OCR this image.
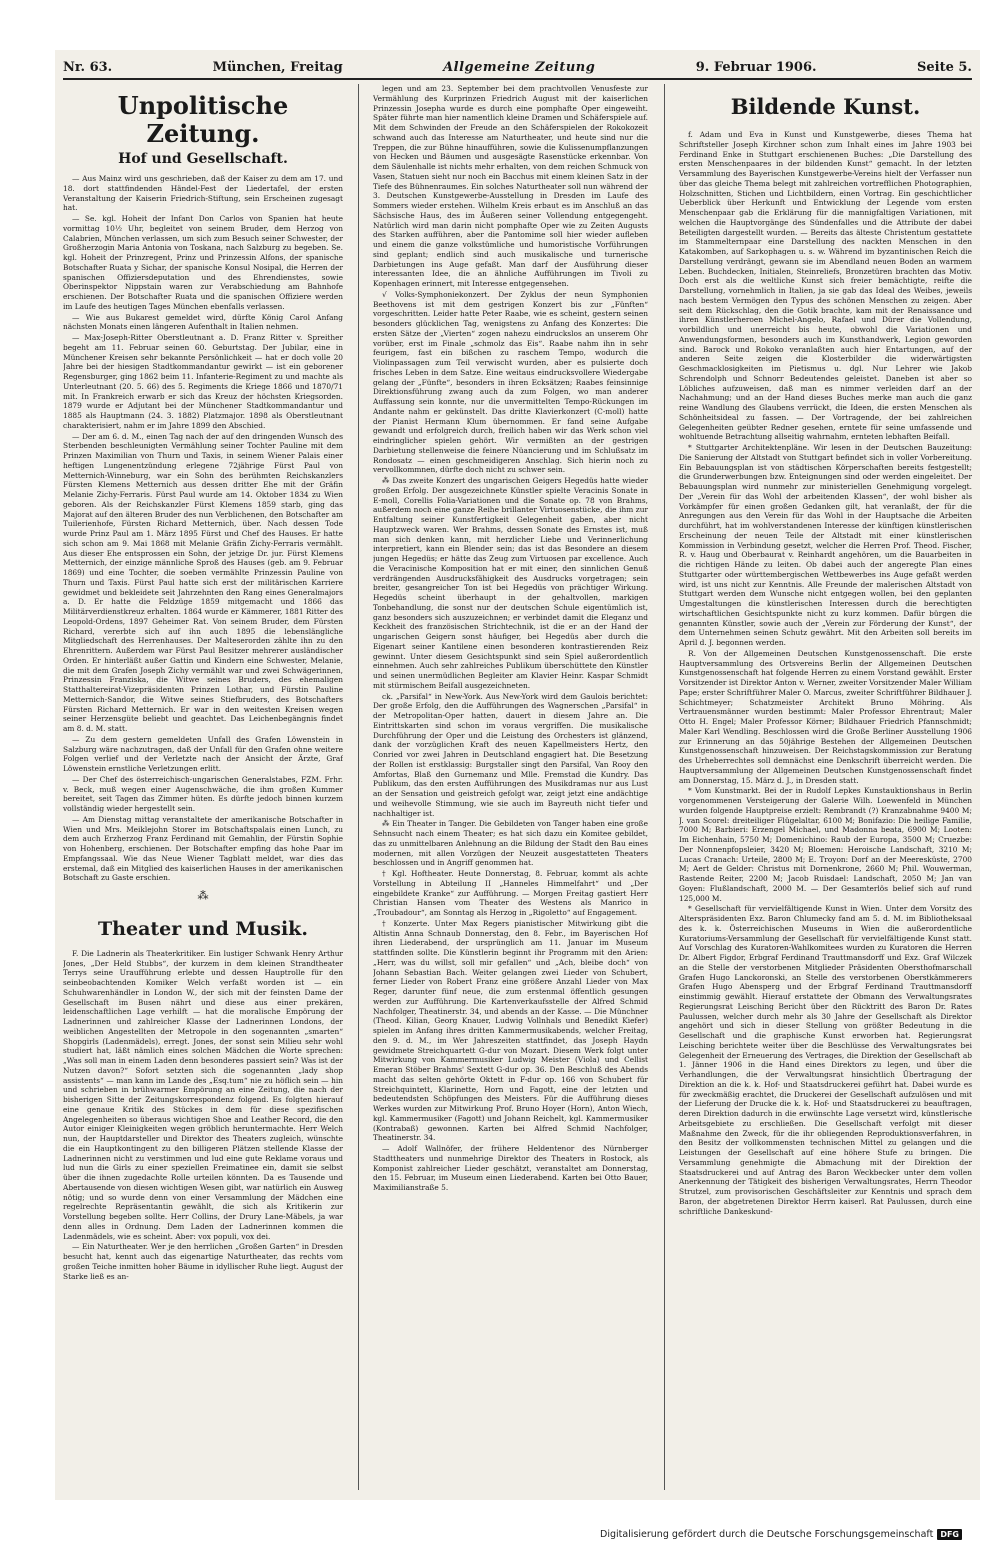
Nr. 63.	München, Freitag	Allgemeine Zeitung	9. Februar 1906.	Seite 5.
Unpolitische Zeitung.
Hof und Gesellschaft.

— Aus Mainz wird uns geschrieben, daß der Kaiser zu dem am 17. und 18. dort stattfindenden Händel-Fest der Liedertafel, der ersten Veranstaltung der Kaiserin Friedrich-Stiftung, sein Erscheinen zugesagt hat.

— Se. kgl. Hoheit der Infant Don Carlos von Spanien hat heute vormittag 10½ Uhr, begleitet von seinem Bruder, dem Herzog von Calabrien, München verlassen, um sich zum Besuch seiner Schwester, der Großherzogin Maria Antonia von Toskana, nach Salzburg zu begeben. Se. kgl. Hoheit der Prinzregent, Prinz und Prinzessin Alfons, der spanische Botschafter Ruata y Sichar, der spanische Konsul Nosipal, die Herren der spanischen Offiziersdeputation und des Ehrendienstes, sowie Oberinspektor Nippstain waren zur Verabschiedung am Bahnhofe erschienen. Der Botschafter Ruata und die spanischen Offiziere werden im Laufe des heutigen Tages München ebenfalls verlassen.

— Wie aus Bukarest gemeldet wird, dürfte König Carol Anfang nächsten Monats einen längeren Aufenthalt in Italien nehmen.

— Max-Joseph-Ritter Oberstleutnant a. D. Franz Ritter v. Spreither begeht am 11. Februar seinen 60. Geburtstag. Der Jubilar, eine in Münchener Kreisen sehr bekannte Persönlichkeit — hat er doch volle 20 Jahre bei der hiesigen Stadtkommandantur gewirkt — ist ein geborener Regensburger, ging 1862 beim 11. Infanterie-Regiment zu und machte als Unterleutnant (20. 5. 66) des 5. Regiments die Kriege 1866 und 1870/71 mit. In Frankreich erwarb er sich das Kreuz der höchsten Kriegsorden. 1879 wurde er Adjutant bei der Münchener Stadtkommandantur und 1885 als Hauptmann (24. 3. 1882) Platzmajor. 1898 als Oberstleutnant charakterisiert, nahm er im Jahre 1899 den Abschied.

— Der am 6. d. M., einen Tag nach der auf den dringenden Wunsch des Sterbenden beschleunigten Vermählung seiner Tochter Pauline mit dem Prinzen Maximilian von Thurn und Taxis, in seinem Wiener Palais einer heftigen Lungenentzündung erlegene 72jährige Fürst Paul von Metternich-Winneburg, war ein Sohn des berühmten Reichskanzlers Fürsten Klemens Metternich aus dessen dritter Ehe mit der Gräfin Melanie Zichy-Ferraris. Fürst Paul wurde am 14. Oktober 1834 zu Wien geboren. Als der Reichskanzler Fürst Klemens 1859 starb, ging das Majorat auf den älteren Bruder des nun Verblichenen, den Botschafter am Tuilerienhofe, Fürsten Richard Metternich, über. Nach dessen Tode wurde Prinz Paul am 1. März 1895 Fürst und Chef des Hauses. Er hatte sich schon am 9. Mai 1868 mit Melanie Gräfin Zichy-Ferraris vermählt. Aus dieser Ehe entsprossen ein Sohn, der jetzige Dr. jur. Fürst Klemens Metternich, der einzige männliche Sproß des Hauses (geb. am 9. Februar 1869) und eine Tochter, die soeben vermählte Prinzessin Pauline von Thurn und Taxis. Fürst Paul hatte sich erst der militärischen Karriere gewidmet und bekleidete seit Jahrzehnten den Rang eines Generalmajors a. D. Er hatte die Feldzüge 1859 mitgemacht und 1866 das Militärverdienstkreuz erhalten. 1864 wurde er Kämmerer, 1881 Ritter des Leopold-Ordens, 1897 Geheimer Rat. Von seinem Bruder, dem Fürsten Richard, vererbte sich auf ihn auch 1895 die lebenslängliche Mitgliedschaft des Herrenhauses. Der Malteserorden zählte ihn zu den Ehrenrittern. Außerdem war Fürst Paul Besitzer mehrerer ausländischer Orden. Er hinterläßt außer Gattin und Kindern eine Schwester, Melanie, die mit dem Grafen Joseph Zichy vermählt war und zwei Schwägerinnen, Prinzessin Franziska, die Witwe seines Bruders, des ehemaligen Statthaltereirat-Vizepräsidenten Prinzen Lothar, und Fürstin Pauline Metternich-Sandor, die Witwe seines Stiefbruders, des Botschafters Fürsten Richard Metternich. Er war in den weitesten Kreisen wegen seiner Herzensgüte beliebt und geachtet. Das Leichenbegängnis findet am 8. d. M. statt.

— Zu dem gestern gemeldeten Unfall des Grafen Löwenstein in Salzburg wäre nachzutragen, daß der Unfall für den Grafen ohne weitere Folgen verlief und der Verletzte nach der Ansicht der Ärzte, Graf Löwenstein ernstliche Verletzungen erlitt.

— Der Chef des österreichisch-ungarischen Generalstabes, FZM. Frhr. v. Beck, muß wegen einer Augenschwäche, die ihm großen Kummer bereitet, seit Tagen das Zimmer hüten. Es dürfte jedoch binnen kurzem vollständig wieder hergestellt sein.

— Am Dienstag mittag veranstaltete der amerikanische Botschafter in Wien und Mrs. Meiklejohn Storer im Botschaftspalais einen Lunch, zu dem auch Erzherzog Franz Ferdinand mit Gemahlin, der Fürstin Sophie von Hohenberg, erschienen. Der Botschafter empfing das hohe Paar im Empfangssaal. Wie das Neue Wiener Tagblatt meldet, war dies das erstemal, daß ein Mitglied des kaiserlichen Hauses in der amerikanischen Botschaft zu Gaste erschien.

⁂
Theater und Musik.

F. Die Ladnerin als Theaterkritiker. Ein lustiger Schwank Henry Arthur Jones, „Der Held Stubbs“, der kurzem in dem kleinen Strandtheater Terrys seine Uraufführung erlebte und dessen Hauptrolle für den seinbeobachtenden Komiker Welch verfaßt worden ist — ein Schuhwarenhändler in London W., der sich mit der feinsten Dame der Gesellschaft im Busen nährt und diese aus einer prekären, leidenschaftlichen Lage verhilft — hat die moralische Empörung der Ladnerinnen und zahlreicher Klasse der Ladnerinnen Londons, der weiblichen Angestellten der Metropole in den sogenannten „smarten“ Shopgirls (Ladenmädels), erregt. Jones, der sonst sein Milieu sehr wohl studiert hat, läßt nämlich eines solchen Mädchen die Worte sprechen: „Was soll man in einem Laden denn besonderes passiert sein? Was ist der Nutzen davon?“ Sofort setzten sich die sogenannten „lady shop assistents“ — man kann im Lande des „Esq.tum“ nie zu höflich sein — hin und schrieben in brühwarmer Empörung an eine Zeitung, die nach der bisherigen Sitte der Zeitungskorrespondenz folgend. Es folgten hierauf eine genaue Kritik des Stückes in dem für diese spezifischen Angelegenheiten so überaus wichtigen Shoe and Leather Record, die den Autor einiger Kleinigkeiten wegen gröblich heruntermachte. Herr Welch nun, der Hauptdarsteller und Direktor des Theaters zugleich, wünschte die ein Hauptkontingent zu den billigeren Plätzen stellende Klasse der Ladnerinnen nicht zu verstimmen und lud eine gute Reklame voraus und lud nun die Girls zu einer speziellen Freimatinee ein, damit sie selbst über die ihnen zugedachte Rolle urteilen könnten. Da es Tausende und Abertausende von diesen wichtigen Wesen gibt, war natürlich ein Ausweg nötig; und so wurde denn von einer Versammlung der Mädchen eine regelrechte Repräsentantin gewählt, die sich als Kritikerin zur Vorstellung begeben sollte. Herr Collins, der Drury Lane-Mäbels, ja war denn alles in Ordnung. Dem Laden der Ladnerinnen kommen die Ladenmädels, wie es scheint. Aber: vox populi, vox dei.

— Ein Naturtheater. Wer je den herrlichen „Großen Garten“ in Dresden besucht hat, kennt auch das eigenartige Naturtheater, das rechts vom großen Teiche inmitten hoher Bäume in idyllischer Ruhe liegt. August der Starke ließ es an-

legen und am 23. September bei dem prachtvollen Venusfeste zur Vermählung des Kurprinzen Friedrich August mit der kaiserlichen Prinzessin Josepha wurde es durch eine pomphafte Oper eingeweiht. Später führte man hier namentlich kleine Dramen und Schäferspiele auf. Mit dem Schwinden der Freude an den Schäferspielen der Rokokozeit schwand auch das Interesse am Naturtheater, und heute sind nur die Treppen, die zur Bühne hinaufführen, sowie die Kulissenumpflanzungen von Hecken und Bäumen und ausgesägte Rasenstücke erkennbar. Von dem Säulenhalle ist nichts mehr erhalten, von dem reichen Schmuck von Vasen, Statuen sieht nur noch ein Bacchus mit einem kleinen Satz in der Tiefe des Bühnenraumes. Ein solches Naturtheater soll nun während der 3. Deutschen Kunstgewerbe-Ausstellung in Dresden im Laufe des Sommers wieder erstehen. Wilhelm Kreis erbaut es im Anschluß an das Sächsische Haus, des im Äußeren seiner Vollendung entgegengeht. Natürlich wird man darin nicht pomphafte Oper wie zu Zeiten Augusts des Starken aufführen, aber die Pantomime soll hier wieder aufleben und einem die ganze volkstümliche und humoristische Vorführungen sind geplant; endlich sind auch musikalische und turnerische Darbietungen ins Auge gefaßt. Man darf der Ausführung dieser interessanten Idee, die an ähnliche Aufführungen im Tivoli zu Kopenhagen erinnert, mit Interesse entgegensehen.

√ Volks-Symphoniekonzert. Der Zyklus der neun Symphonien Beethovens ist mit dem gestrigen Konzert bis zur „Fünften“ vorgeschritten. Leider hatte Peter Raabe, wie es scheint, gestern seinen besonders glücklichen Tag, wenigstens zu Anfang des Konzertes: Die ersten Sätze der „Vierten“ zogen nahezu eindruckslos an unserem Ohr vorüber, erst im Finale „schmolz das Eis“. Raabe nahm ihn in sehr feurigem, fast ein bißchen zu raschem Tempo, wodurch die Violinpassagen zum Teil verwischt wurden, aber es pulsierte doch frisches Leben in dem Satze. Eine weitaus eindrucksvollere Wiedergabe gelang der „Fünfte“, besonders in ihren Ecksätzen; Raabes feinsinnige Direktionsführung zwang auch da zum Folgen, wo man anderer Auffassung sein konnte, nur die unvermittelten Tempo-Rückungen im Andante nahm er gekünstelt. Das dritte Klavierkonzert (C-moll) hatte der Pianist Hermann Klum übernommen. Er fand seine Aufgabe gewandt und erfolgreich durch, freilich haben wir das Werk schon viel eindringlicher spielen gehört. Wir vermißten an der gestrigen Darbietung stellenweise die feinere Nüancierung und im Schlußsatz im Rondosatz — einen geschmeidigeren Anschlag. Sich hierin noch zu vervollkommnen, dürfte doch nicht zu schwer sein.

⁂ Das zweite Konzert des ungarischen Geigers Hegedüs hatte wieder großen Erfolg. Der ausgezeichnete Künstler spielte Veracinis Sonate in E-moll, Corellis Folia-Variationen und die Sonate op. 78 von Brahms, außerdem noch eine ganze Reihe brillanter Virtuosenstücke, die ihm zur Entfaltung seiner Kunstfertigkeit Gelegenheit gaben, aber nicht Hauptzweck waren. Wer Brahms, dessen Sonate des Ernstes ist, muß man sich denken kann, mit herzlicher Liebe und Verinnerlichung interpretiert, kann ein Blender sein; das ist das Besondere an diesem jungen Hegedüs; er hätte das Zeug zum Virtuosen par excellence. Auch die Veracinische Komposition hat er mit einer, den sinnlichen Genuß verdrängenden Ausdrucksfähigkeit des Ausdrucks vorgetragen; sein breiter, gesangreicher Ton ist bei Hegedüs von prächtiger Wirkung. Hegedüs scheint überhaupt in der gehaltvollen, markigen Tonbehandlung, die sonst nur der deutschen Schule eigentümlich ist, ganz besonders sich auszuzeichnen; er verbindet damit die Eleganz und Keckheit des französischen Strichtechnik, ist die er an der Hand der ungarischen Geigern sonst häufiger, bei Hegedüs aber durch die Eigenart seiner Kantilene einen besonderen kontrastierenden Reiz gewinnt. Unter diesem Gesichtspunkt sind sein Spiel außerordentlich einnehmen. Auch sehr zahlreiches Publikum überschüttete den Künstler und seinen unermüdlichen Begleiter am Klavier Heinr. Kaspar Schmidt mit stürmischem Beifall ausgezeichneten.

ck. „Parsifal“ in New-York. Aus New-York wird dem Gaulois berichtet: Der große Erfolg, den die Aufführungen des Wagnerschen „Parsifal“ in der Metropolitan-Oper hatten, dauert in diesem Jahre an. Die Eintrittskarten sind schon im voraus vergriffen. Die musikalische Durchführung der Oper und die Leistung des Orchesters ist glänzend, dank der vorzüglichen Kraft des neuen Kapellmeisters Hertz, den Conried vor zwei Jahren in Deutschland engagiert hat. Die Besetzung der Rollen ist erstklassig: Burgstaller singt den Parsifal, Van Rooy den Amfortas, Blaß den Gurnemanz und Mlle. Fremstad die Kundry. Das Publikum, das den ersten Aufführungen des Musikdramas nur aus Lust an der Sensation und geistreich gefolgt war, zeigt jetzt eine andächtige und weihevolle Stimmung, wie sie auch im Bayreuth nicht tiefer und nachhaltiger ist.

⁂ Ein Theater in Tanger. Die Gebildeten von Tanger haben eine große Sehnsucht nach einem Theater; es hat sich dazu ein Komitee gebildet, das zu unmittelbaren Anlehnung an die Bildung der Stadt den Bau eines modernen, mit allen Vorzügen der Neuzeit ausgestatteten Theaters beschlossen und in Angriff genommen hat.

† Kgl. Hoftheater. Heute Donnerstag, 8. Februar, kommt als achte Vorstellung in Abteilung II „Hanneles Himmelfahrt“ und „Der eingebildete Kranke“ zur Aufführung. — Morgen Freitag gastiert Herr Christian Hansen vom Theater des Westens als Manrico in „Troubadour“, am Sonntag als Herzog in „Rigoletto“ auf Engagement.

† Konzerte. Unter Max Regers pianistischer Mitwirkung gibt die Altistin Anna Schnaub Donnerstag, den 8. Febr., im Bayerischen Hof ihren Liederabend, der ursprünglich am 11. Januar im Museum stattfinden sollte. Die Künstlerin beginnt ihr Programm mit den Arien: „Herr, was du willst, soll mir gefallen“ und „Ach, bleibe doch“ von Johann Sebastian Bach. Weiter gelangen zwei Lieder von Schubert, ferner Lieder von Robert Franz eine größere Anzahl Lieder von Max Reger, darunter fünf neue, die zum erstenmal öffentlich gesungen werden zur Aufführung. Die Kartenverkaufsstelle der Alfred Schmid Nachfolger, Theatinerstr. 34, und abends an der Kasse. — Die Münchner (Theod. Kilian, Georg Knauer, Ludwig Vollnhals und Benedikt Kiefer) spielen im Anfang ihres dritten Kammermusikabends, welcher Freitag, den 9. d. M., im Wer Jahreszeiten stattfindet, das Joseph Haydn gewidmete Streichquartett G-dur von Mozart. Diesem Werk folgt unter Mitwirkung von Kammermusiker Ludwig Meister (Viola) und Cellist Emeran Stöber Brahms' Sextett G-dur op. 36. Den Beschluß des Abends macht das selten gehörte Oktett in F-dur op. 166 von Schubert für Streichquintett, Klarinette, Horn und Fagott, eine der letzten und bedeutendsten Schöpfungen des Meisters. Für die Aufführung dieses Werkes wurden zur Mitwirkung Prof. Bruno Hoyer (Horn), Anton Wiech, kgl. Kammermusiker (Fagott) und Johann Reichelt, kgl. Kammermusiker (Kontrabaß) gewonnen. Karten bei Alfred Schmid Nachfolger, Theatinerstr. 34.

— Adolf Wallnöfer, der frühere Heldentenor des Nürnberger Stadttheaters und nunmehrige Direktor des Theaters in Rostock, als Komponist zahlreicher Lieder geschätzt, veranstaltet am Donnerstag, den 15. Februar, im Museum einen Liederabend. Karten bei Otto Bauer, Maximilianstraße 5.

Bildende Kunst.

f. Adam und Eva in Kunst und Kunstgewerbe, dieses Thema hat Schriftsteller Joseph Kirchner schon zum Inhalt eines im Jahre 1903 bei Ferdinand Enke in Stuttgart erschienenen Buches: „Die Darstellung des ersten Menschenpaares in der bildenden Kunst“ gemacht. In der letzten Versammlung des Bayerischen Kunstgewerbe-Vereins hielt der Verfasser nun über das gleiche Thema belegt mit zahlreichen vortrefflichen Photographien, Holzschnitten, Stichen und Lichtbildern, einen Vortrag. Ein geschichtlicher Ueberblick über Herkunft und Entwicklung der Legende vom ersten Menschenpaar gab die Erklärung für die mannigfaltigen Variationen, mit welchen die Hauptvorgänge des Sündenfalles und die Attribute der dabei Beteiligten dargestellt wurden. — Bereits das älteste Christentum gestattete im Stammelternpaar eine Darstellung des nackten Menschen in den Katakomben, auf Sarkophagen u. s. w. Während im byzantinischen Reich die Darstellung verdrängt, gewann sie im Abendland neuen Boden an warmem Leben. Buchdecken, Initialen, Steinreliefs, Bronzetüren brachten das Motiv. Doch erst als die weltliche Kunst sich freier bemächtigte, reifte die Darstellung, vornehmlich in Italien, ja sie gab das Ideal des Weibes, jeweils nach bestem Vermögen den Typus des schönen Menschen zu zeigen. Aber seit dem Rückschlag, den die Gotik brachte, kam mit der Renaissance und ihren Künstlerheroen Michel-Angelo, Rafael und Dürer die Vollendung, vorbildlich und unerreicht bis heute, obwohl die Variationen und Anwendungsformen, besonders auch im Kunsthandwerk, Legion geworden sind. Barock und Rokoko veranlaßten auch hier Entartungen, auf der anderen Seite zeigen die Klosterbilder die widerwärtigsten Geschmacklosigkeiten im Pietismus u. dgl. Nur Lehrer wie Jakob Schrendolph und Schnorr Bedeutendes geleistet. Daneben ist aber so Löbliches aufzuweisen, daß man es nimmer verleiden darf an der Nachahmung; und an der Hand dieses Buches merke man auch die ganz reine Wandlung des Glaubens verrückt, die Ideen, die ersten Menschen als Schönheitsideal zu fassen. — Der Vortragende, der bei zahlreichen Gelegenheiten geübter Redner gesehen, erntete für seine umfassende und wohltuende Betrachtung allseitig wahrnahm, ernteten lebhaften Beifall.

* Stuttgarter Architektenpläne. Wir lesen in der Deutschen Bauzeitung: Die Sanierung der Altstadt von Stuttgart befindet sich in voller Vorbereitung. Ein Bebauungsplan ist von städtischen Körperschaften bereits festgestellt; die Grunderwerbungen bzw. Enteignungen sind oder werden eingeleitet. Der Bebauungsplan wird nunmehr zur ministeriellen Genehmigung vorgelegt. Der „Verein für das Wohl der arbeitenden Klassen“, der wohl bisher als Vorkämpfer für einen großen Gedanken gilt, hat veranlaßt, der für die Anregungen aus den Verein für das Wohl in der Hauptsache die Arbeiten durchführt, hat im wohlverstandenen Interesse der künftigen künstlerischen Erscheinung der neuen Teile der Altstadt mit einer künstlerischen Kommission in Verbindung gesetzt, welcher die Herren Prof. Theod. Fischer, R. v. Haug und Oberbaurat v. Reinhardt angehören, um die Bauarbeiten in die richtigen Hände zu leiten. Ob dabei auch der angeregte Plan eines Stuttgarter oder württembergischen Wettbewerbes ins Auge gefaßt werden wird, ist uns nicht zur Kenntnis. Alle Freunde der malerischen Altstadt von Stuttgart werden dem Wunsche nicht entgegen wollen, bei den geplanten Umgestaltungen die künstlerischen Interessen durch die berechtigten wirtschaftlichen Gesichtspunkte nicht zu kurz kommen. Dafür bürgen die genannten Künstler, sowie auch der „Verein zur Förderung der Kunst“, der dem Unternehmen seinen Schutz gewährt. Mit den Arbeiten soll bereits im April d. J. begonnen werden.

R. Von der Allgemeinen Deutschen Kunstgenossenschaft. Die erste Hauptversammlung des Ortsvereins Berlin der Allgemeinen Deutschen Kunstgenossenschaft hat folgende Herren zu einem Vorstand gewählt. Erster Vorsitzender ist Direktor Anton v. Werner, zweiter Vorsitzender Maler William Pape; erster Schriftführer Maler O. Marcus, zweiter Schriftführer Bildhauer J. Schichtmeyer; Schatzmeister Architekt Bruno Möhring. Als Vertrauensmänner wurden bestimmt: Maler Professor Ehrentraut; Maler Otto H. Engel; Maler Professor Körner; Bildhauer Friedrich Pfannschmidt; Maler Karl Wendling. Beschlossen wird die Große Berliner Ausstellung 1906 zur Erinnerung an das 50jährige Bestehen der Allgemeinen Deutschen Kunstgenossenschaft hinzuweisen. Der Reichstagskommission zur Beratung des Urheberrechtes soll demnächst eine Denkschrift überreicht werden. Die Hauptversammlung der Allgemeinen Deutschen Kunstgenossenschaft findet am Donnerstag, 15. März d. J., in Dresden statt.

* Vom Kunstmarkt. Bei der in Rudolf Lepkes Kunstauktionshaus in Berlin vorgenommenen Versteigerung der Galerie Wilh. Loewenfeld in München wurden folgende Hauptpreise erzielt: Rembrandt (?) Kranzabnahme 9400 M; J. van Scorel: dreiteiliger Flügelaltar, 6100 M; Bonifazio: Die heilige Familie, 7000 M; Barbieri: Erzengel Michael, und Madonna beata, 6900 M; Looten: Im Eichenhain, 5750 M; Domenichino: Raub der Europa, 3500 M; Cruezbe: Der Nonnenpfopsleier, 3420 M; Bloemen: Heroische Landschaft, 3210 M; Lucas Cranach: Urteile, 2800 M; E. Troyon: Dorf an der Meeresküste, 2700 M; Aert de Gelder: Christus mit Dornenkrone, 2660 M; Phil. Wouwerman, Rastende Reiter, 2200 M; Jacob Ruisdael: Landschaft, 2050 M; Jan van Goyen: Flußlandschaft, 2000 M. — Der Gesamterlös belief sich auf rund 125,000 M.

* Gesellschaft für vervielfältigende Kunst in Wien. Unter dem Vorsitz des Alterspräsidenten Exz. Baron Chlumecky fand am 5. d. M. im Bibliotheksaal des k. k. Österreichischen Museums in Wien die außerordentliche Kuratoriums-Versammlung der Gesellschaft für vervielfältigende Kunst statt. Auf Vorschlag des Kuratoren-Wahlkomitees wurden zu Kuratoren die Herren Dr. Albert Figdor, Erbgraf Ferdinand Trauttmansdorff und Exz. Graf Wilczek an die Stelle der verstorbenen Mitglieder Präsidenten Obersthofmarschall Grafen Hugo Lanckoronski, an Stelle des verstorbenen Oberstkämmerers Grafen Hugo Abensperg und der Erbgraf Ferdinand Trauttmansdorff einstimmig gewählt. Hierauf erstattete der Obmann des Verwaltungsrates Regierungsrat Leisching Bericht über den Rücktritt des Baron Dr. Rates Paulussen, welcher durch mehr als 30 Jahre der Gesellschaft als Direktor angehört und sich in dieser Stellung von größter Bedeutung in die Gesellschaft und die graphische Kunst erworben hat. Regierungsrat Leisching berichtete weiter über die Beschlüsse des Verwaltungsrates bei Gelegenheit der Erneuerung des Vertrages, die Direktion der Gesellschaft ab 1. Jänner 1906 in die Hand eines Direktors zu legen, und über die Verhandlungen, die der Verwaltungsrat hinsichtlich Übertragung der Direktion an die k. k. Hof- und Staatsdruckerei geführt hat. Dabei wurde es für zweckmäßig erachtet, die Druckerei der Gesellschaft aufzulösen und mit der Lieferung der Drucke die k. k. Hof- und Staatsdruckerei zu beauftragen, deren Direktion dadurch in die erwünschte Lage versetzt wird, künstlerische Arbeitsgebiete zu erschließen. Die Gesellschaft verfolgt mit dieser Maßnahme den Zweck, für die ihr obliegenden Reproduktionsverfahren, in den Besitz der vollkommensten technischen Mittel zu gelangen und die Leistungen der Gesellschaft auf eine höhere Stufe zu bringen. Die Versammlung genehmigte die Abmachung mit der Direktion der Staatsdruckerei und auf Antrag des Baron Weckbecker unter dem vollen Anerkennung der Tätigkeit des bisherigen Verwaltungsrates, Herrn Theodor Strutzel, zum provisorischen Geschäftsleiter zur Kenntnis und sprach dem Baron, der abgetretenen Direktor Herrn kaiserl. Rat Paulussen, durch eine schriftliche Dankeskund-

Digitalisierung gefördert durch die Deutsche Forschungsgemeinschaft DFG
